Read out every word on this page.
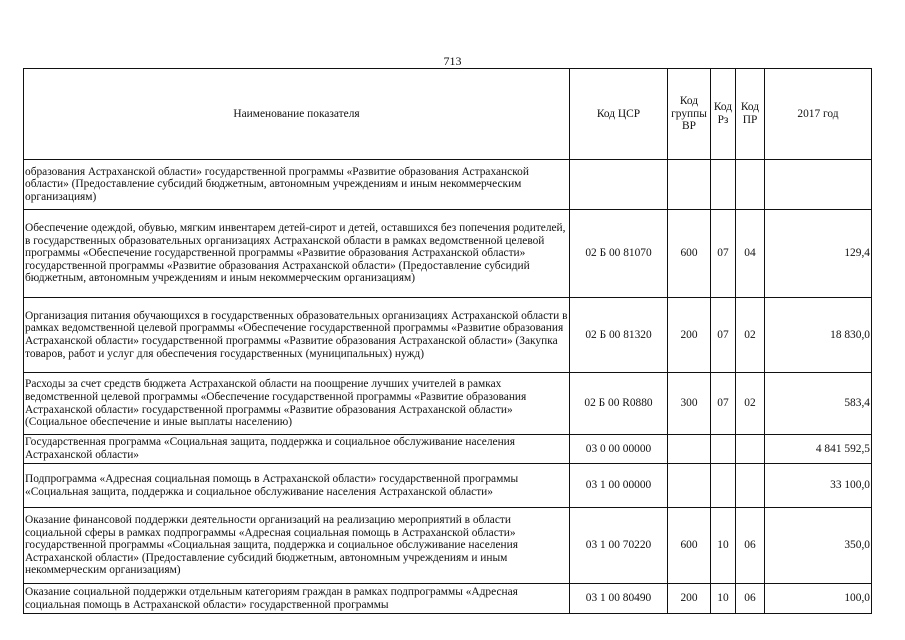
713
Наименование показателя	Код ЦСР	Код группы ВР	Код Рз	Код ПР	2017 год
образования Астраханской области» государственной программы «Развитие образования Астраханской области» (Предоставление субсидий бюджетным, автономным учреждениям и иным некоммерческим организациям)					
Обеспечение одеждой, обувью, мягким инвентарем детей-сирот и детей, оставшихся без попечения родителей, в государственных образовательных организациях Астраханской области в рамках ведомственной целевой программы «Обеспечение государственной программы «Развитие образования Астраханской области» государственной программы «Развитие образования Астраханской области» (Предоставление субсидий бюджетным, автономным учреждениям и иным некоммерческим организациям)	02 Б 00 81070	600	07	04	129,4
Организация питания обучающихся в государственных образовательных организациях Астраханской области в рамках ведомственной целевой программы «Обеспечение государственной программы «Развитие образования Астраханской области» государственной программы «Развитие образования Астраханской области» (Закупка товаров, работ и услуг для обеспечения государственных (муниципальных) нужд)	02 Б 00 81320	200	07	02	18 830,0
Расходы за счет средств бюджета Астраханской области на поощрение лучших учителей в рамках ведомственной целевой программы «Обеспечение государственной программы «Развитие образования Астраханской области» государственной программы «Развитие образования Астраханской области» (Социальное обеспечение и иные выплаты населению)	02 Б 00 R0880	300	07	02	583,4
Государственная программа «Социальная защита, поддержка и социальное обслуживание населения Астраханской области»	03 0 00 00000				4 841 592,5
Подпрограмма «Адресная социальная помощь в Астраханской области» государственной программы «Социальная защита, поддержка и социальное обслуживание населения Астраханской области»	03 1 00 00000				33 100,0
Оказание финансовой поддержки деятельности организаций на реализацию мероприятий в области социальной сферы в рамках подпрограммы «Адресная социальная помощь в Астраханской области» государственной программы «Социальная защита, поддержка и социальное обслуживание населения Астраханской области» (Предоставление субсидий бюджетным, автономным учреждениям и иным некоммерческим организациям)	03 1 00 70220	600	10	06	350,0
Оказание социальной поддержки отдельным категориям граждан в рамках подпрограммы «Адресная социальная помощь в Астраханской области» государственной программы	03 1 00 80490	200	10	06	100,0
